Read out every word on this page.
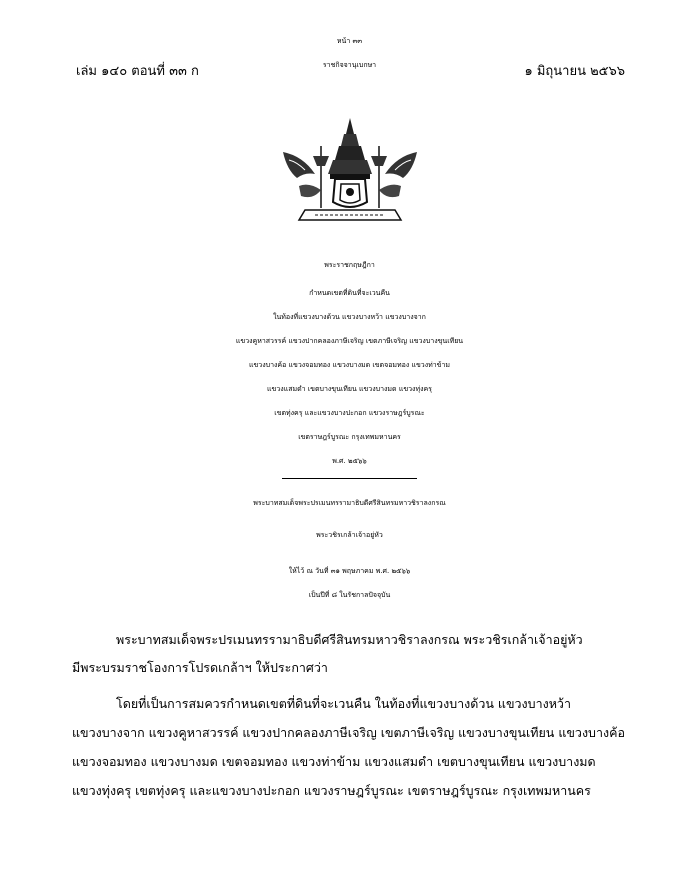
หน้า ๓๓
เล่ม ๑๔๐ ตอนที่ ๓๓ ก	ราชกิจจานุเบกษา	๑ มิถุนายน ๒๕๖๖
พระราชกฤษฎีกา
กำหนดเขตที่ดินที่จะเวนคืน
ในท้องที่แขวงบางด้วน แขวงบางหว้า แขวงบางจาก
แขวงคูหาสวรรค์ แขวงปากคลองภาษีเจริญ เขตภาษีเจริญ แขวงบางขุนเทียน
แขวงบางค้อ แขวงจอมทอง แขวงบางมด เขตจอมทอง แขวงท่าข้าม
แขวงแสมดำ เขตบางขุนเทียน แขวงบางมด แขวงทุ่งครุ
เขตทุ่งครุ และแขวงบางปะกอก แขวงราษฎร์บูรณะ
เขตราษฎร์บูรณะ กรุงเทพมหานคร
พ.ศ. ๒๕๖๖
พระบาทสมเด็จพระปรเมนทรรามาธิบดีศรีสินทรมหาวชิราลงกรณ
พระวชิรเกล้าเจ้าอยู่หัว
ให้ไว้ ณ วันที่ ๓๑ พฤษภาคม พ.ศ. ๒๕๖๖
เป็นปีที่ ๘ ในรัชกาลปัจจุบัน
พระบาทสมเด็จพระปรเมนทรรามาธิบดีศรีสินทรมหาวชิราลงกรณ พระวชิรเกล้าเจ้าอยู่หัว
มีพระบรมราชโองการโปรดเกล้าฯ ให้ประกาศว่า
โดยที่เป็นการสมควรกำหนดเขตที่ดินที่จะเวนคืน ในท้องที่แขวงบางด้วน แขวงบางหว้า
แขวงบางจาก แขวงคูหาสวรรค์ แขวงปากคลองภาษีเจริญ เขตภาษีเจริญ แขวงบางขุนเทียน แขวงบางค้อ
แขวงจอมทอง แขวงบางมด เขตจอมทอง แขวงท่าข้าม แขวงแสมดำ เขตบางขุนเทียน แขวงบางมด
แขวงทุ่งครุ เขตทุ่งครุ และแขวงบางปะกอก แขวงราษฎร์บูรณะ เขตราษฎร์บูรณะ กรุงเทพมหานคร
